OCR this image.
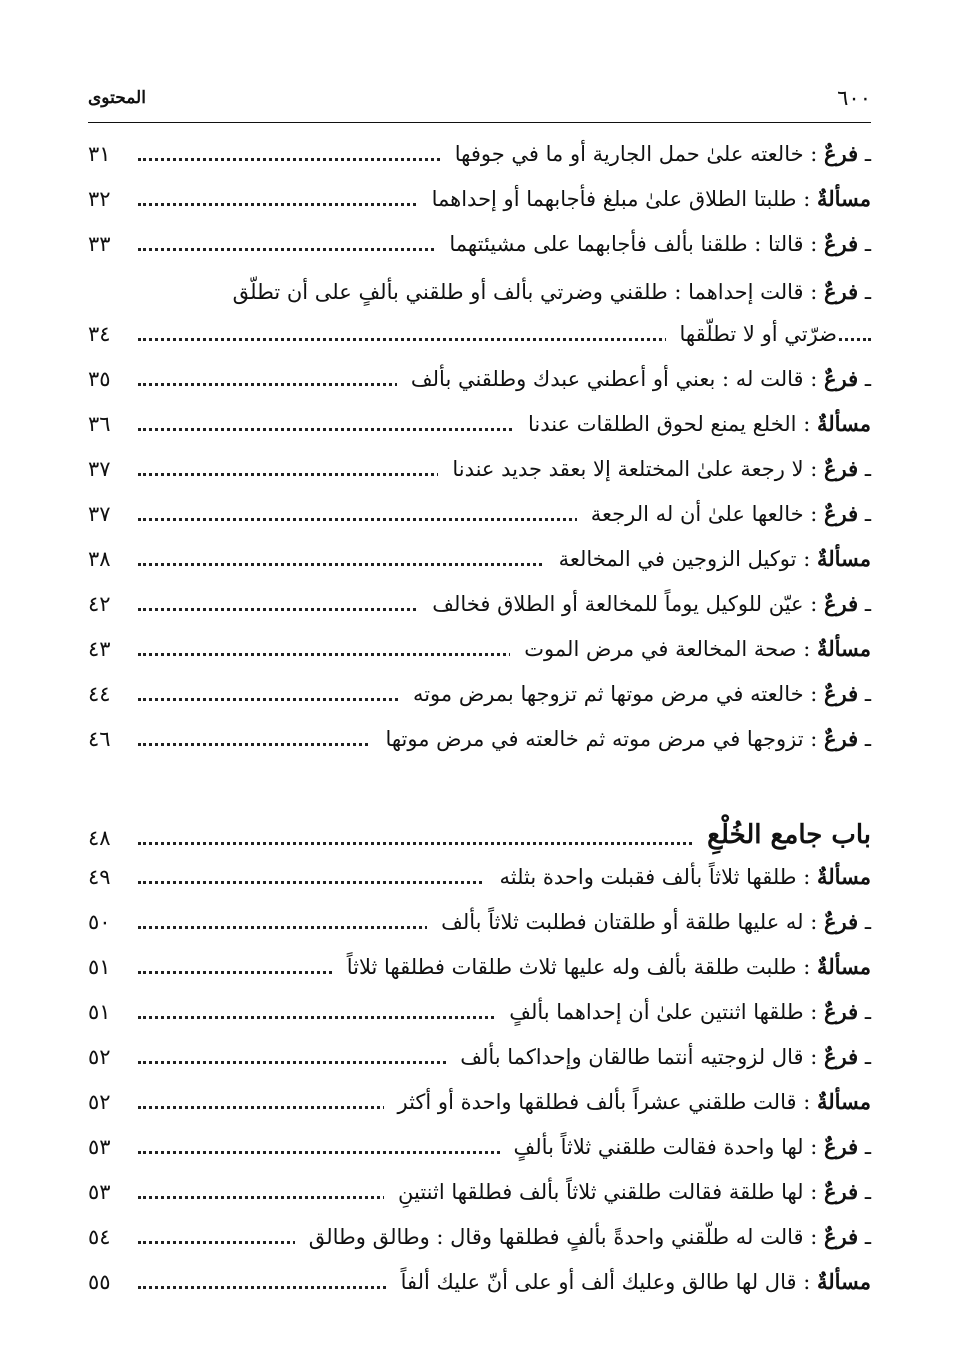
٦٠٠
المحتوى
ـ فرعٌ : خالعته علىٰ حمل الجارية أو ما في جوفها
٣١
مسألةٌ : طلبتا الطلاق علىٰ مبلغ فأجابهما أو إحداهما
٣٢
ـ فرعٌ : قالتا : طلقنا بألف فأجابهما على مشيئتهما
٣٣
ـ فرعٌ : قالت إحداهما : طلقني وضرتي بألف أو طلقني بألفٍ على أن تطلّق
ضرّتي أو لا تطلّقها
٣٤
ـ فرعٌ : قالت له : بعني أو أعطني عبدك وطلقني بألف
٣٥
مسألةٌ : الخلع يمنع لحوق الطلقات عندنا
٣٦
ـ فرعٌ : لا رجعة علىٰ المختلعة إلا بعقد جديد عندنا
٣٧
ـ فرعٌ : خالعها علىٰ أن له الرجعة
٣٧
مسألةٌ : توكيل الزوجين في المخالعة
٣٨
ـ فرعٌ : عيّن للوكيل يوماً للمخالعة أو الطلاق فخالف
٤٢
مسألةٌ : صحة المخالعة في مرض الموت
٤٣
ـ فرعٌ : خالعته في مرض موتها ثم تزوجها بمرض موته
٤٤
ـ فرعٌ : تزوجها في مرض موته ثم خالعته في مرض موتها
٤٦
باب جامع الخُلْعِ
٤٨
مسألةٌ : طلقها ثلاثاً بألف فقبلت واحدة بثلثه
٤٩
ـ فرعٌ : له عليها طلقة أو طلقتان فطلبت ثلاثاً بألف
٥٠
مسألةٌ : طلبت طلقة بألف وله عليها ثلاث طلقات فطلقها ثلاثاً
٥١
ـ فرعٌ : طلقها اثنتين علىٰ أن إحداهما بألفٍ
٥١
ـ فرعٌ : قال لزوجتيه أنتما طالقان وإحداكما بألف
٥٢
مسألةٌ : قالت طلقني عشراً بألف فطلقها واحدة أو أكثر
٥٢
ـ فرعٌ : لها واحدة فقالت طلقني ثلاثاً بألفٍ
٥٣
ـ فرعٌ : لها طلقة فقالت طلقني ثلاثاً بألف فطلقها اثنتينِ
٥٣
ـ فرعٌ : قالت له طلّقني واحدةً بألفٍ فطلقها وقال : وطالق وطالق
٥٤
مسألةٌ : قال لها طالق وعليك ألف أو على أنّ عليك ألفاً
٥٥
